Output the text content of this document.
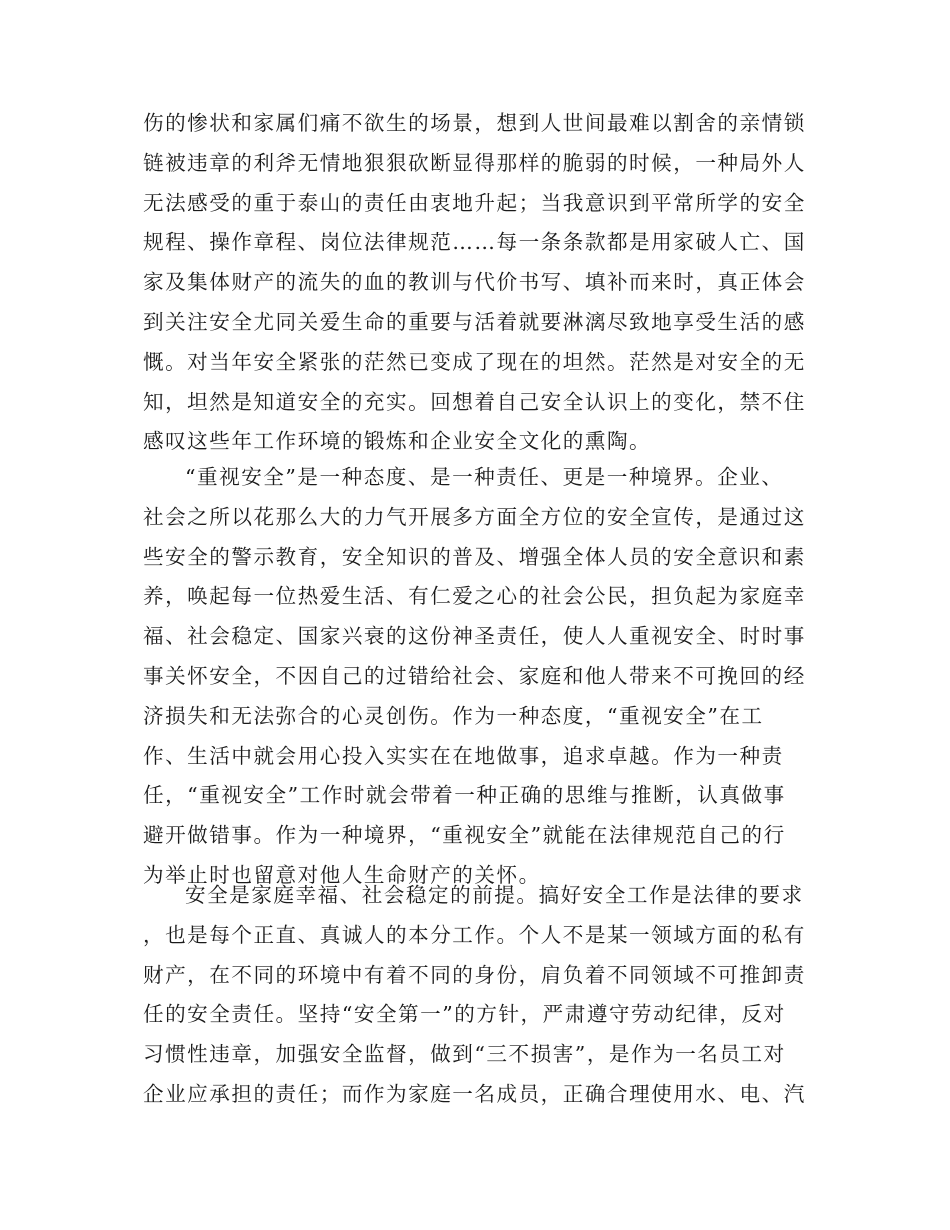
伤的惨状和家属们痛不欲生的场景，想到人世间最难以割舍的亲情锁
链被违章的利斧无情地狠狠砍断显得那样的脆弱的时候，一种局外人
无法感受的重于泰山的责任由衷地升起；当我意识到平常所学的安全
规程、操作章程、岗位法律规范……每一条条款都是用家破人亡、国
家及集体财产的流失的血的教训与代价书写、填补而来时，真正体会
到关注安全尤同关爱生命的重要与活着就要淋漓尽致地享受生活的感
慨。对当年安全紧张的茫然已变成了现在的坦然。茫然是对安全的无
知，坦然是知道安全的充实。回想着自己安全认识上的变化，禁不住
感叹这些年工作环境的锻炼和企业安全文化的熏陶。
“重视安全”是一种态度、是一种责任、更是一种境界。企业、
社会之所以花那么大的力气开展多方面全方位的安全宣传，是通过这
些安全的警示教育，安全知识的普及、增强全体人员的安全意识和素
养，唤起每一位热爱生活、有仁爱之心的社会公民，担负起为家庭幸
福、社会稳定、国家兴衰的这份神圣责任，使人人重视安全、时时事
事关怀安全，不因自己的过错给社会、家庭和他人带来不可挽回的经
济损失和无法弥合的心灵创伤。作为一种态度，“重视安全”在工
作、生活中就会用心投入实实在在地做事，追求卓越。作为一种责
任，“重视安全”工作时就会带着一种正确的思维与推断，认真做事
避开做错事。作为一种境界，“重视安全”就能在法律规范自己的行
为举止时也留意对他人生命财产的关怀。
安全是家庭幸福、社会稳定的前提。搞好安全工作是法律的要求
，也是每个正直、真诚人的本分工作。个人不是某一领域方面的私有
财产，在不同的环境中有着不同的身份，肩负着不同领域不可推卸责
任的安全责任。坚持“安全第一”的方针，严肃遵守劳动纪律，反对
习惯性违章，加强安全监督，做到“三不损害”，是作为一名员工对
企业应承担的责任；而作为家庭一名成员，正确合理使用水、电、汽
